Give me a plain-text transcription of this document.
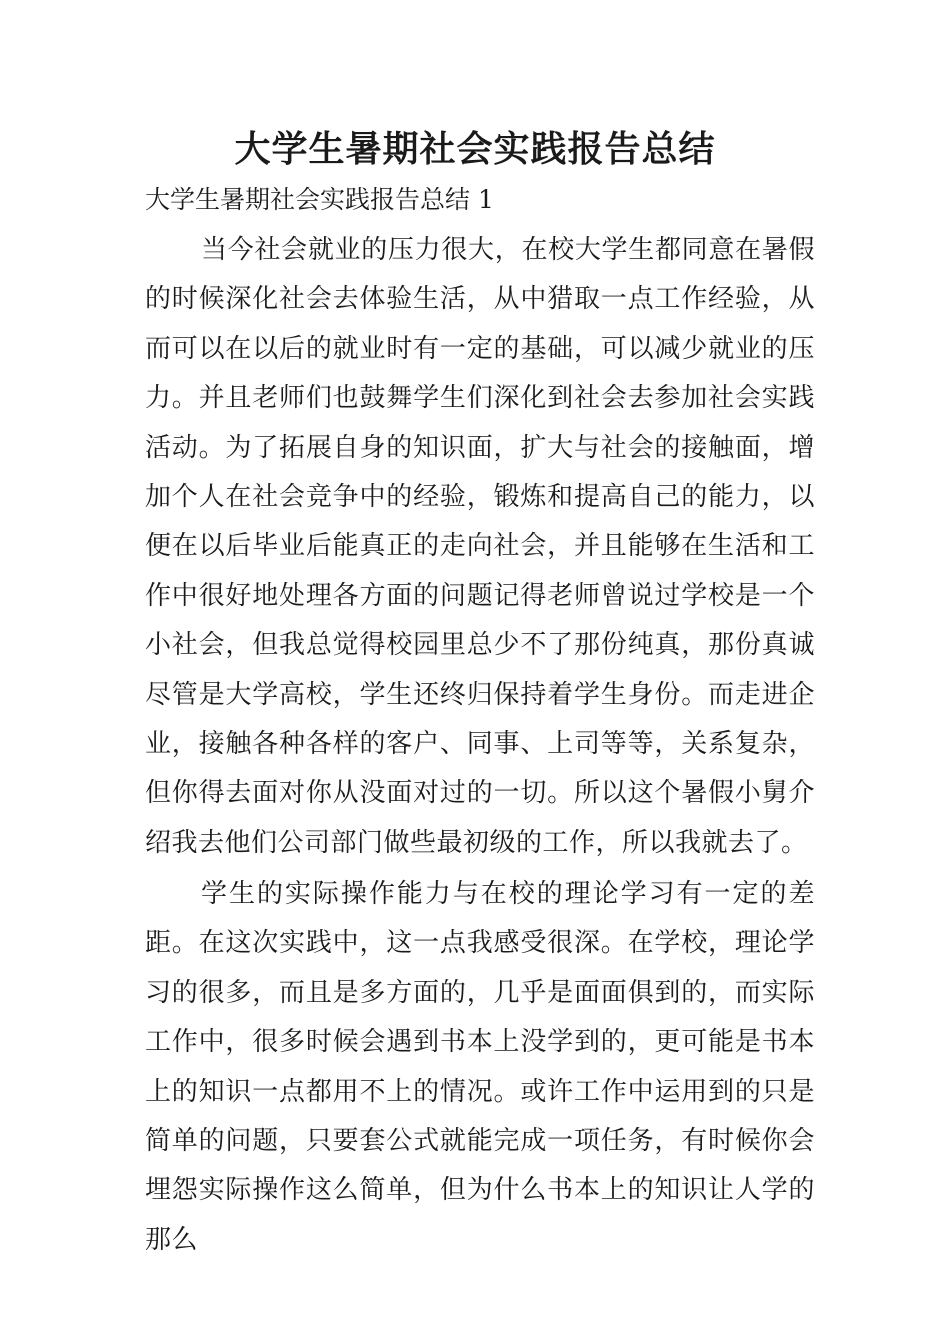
大学生暑期社会实践报告总结
大学生暑期社会实践报告总结 1

当今社会就业的压力很大，在校大学生都同意在暑假的时候深化社会去体验生活，从中猎取一点工作经验，从而可以在以后的就业时有一定的基础，可以减少就业的压力。并且老师们也鼓舞学生们深化到社会去参加社会实践活动。为了拓展自身的知识面，扩大与社会的接触面，增加个人在社会竞争中的经验，锻炼和提高自己的能力，以便在以后毕业后能真正的走向社会，并且能够在生活和工作中很好地处理各方面的问题记得老师曾说过学校是一个小社会，但我总觉得校园里总少不了那份纯真，那份真诚尽管是大学高校，学生还终归保持着学生身份。而走进企业，接触各种各样的客户、同事、上司等等，关系复杂，但你得去面对你从没面对过的一切。所以这个暑假小舅介绍我去他们公司部门做些最初级的工作，所以我就去了。

学生的实际操作能力与在校的理论学习有一定的差距。在这次实践中，这一点我感受很深。在学校，理论学习的很多，而且是多方面的，几乎是面面俱到的，而实际工作中，很多时候会遇到书本上没学到的，更可能是书本上的知识一点都用不上的情况。或许工作中运用到的只是简单的问题，只要套公式就能完成一项任务，有时候你会埋怨实际操作这么简单，但为什么书本上的知识让人学的那么
